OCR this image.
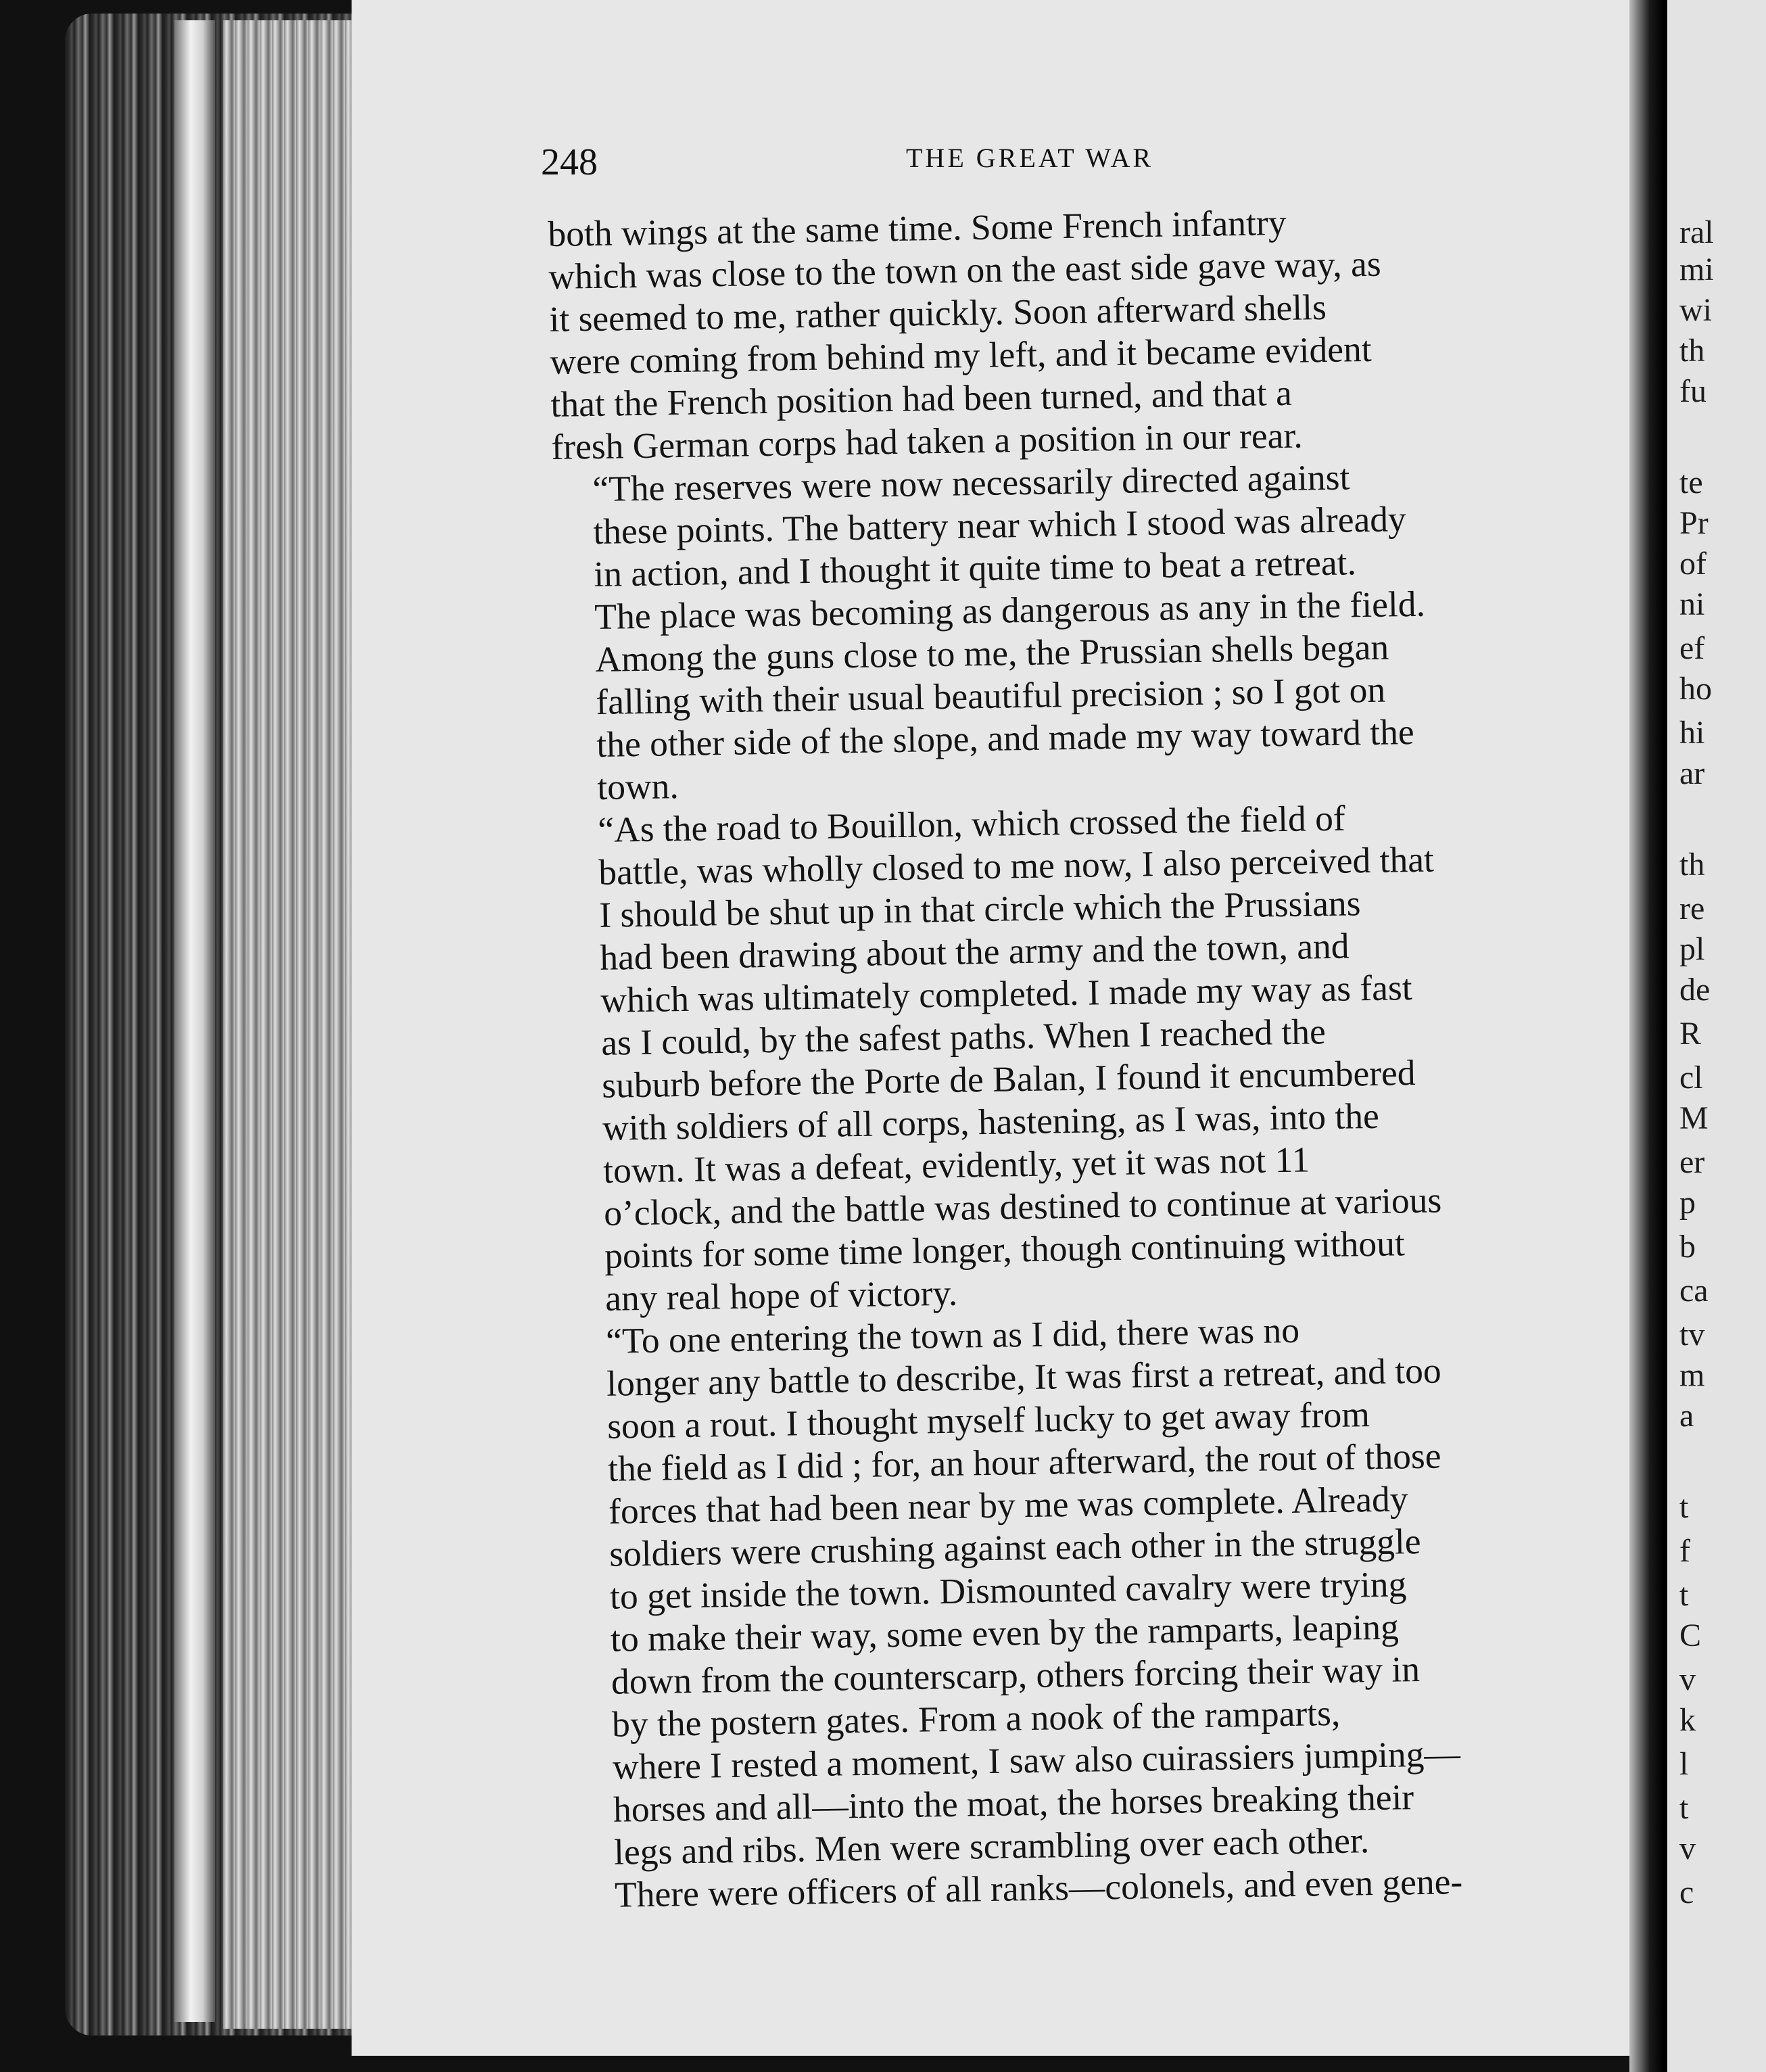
ral
mi
wi
th
fu
te
Pr
of
ni
ef
ho
hi
ar
th
re
pl
de
R
cl
M
er
p
b
ca
tv
m
a
t
f
t
C
v
k
l
t
v
c
248	THE GREAT WAR

both wings at the same time. Some French infantry
which was close to the town on the east side gave way, as
it seemed to me, rather quickly. Soon afterward shells
were coming from behind my left, and it became evident
that the French position had been turned, and that a
fresh German corps had taken a position in our rear.

“The reserves were now necessarily directed against
these points. The battery near which I stood was already
in action, and I thought it quite time to beat a retreat.
The place was becoming as dangerous as any in the field.
Among the guns close to me, the Prussian shells began
falling with their usual beautiful precision ; so I got on
the other side of the slope, and made my way toward the
town.

“As the road to Bouillon, which crossed the field of
battle, was wholly closed to me now, I also perceived that
I should be shut up in that circle which the Prussians
had been drawing about the army and the town, and
which was ultimately completed. I made my way as fast
as I could, by the safest paths. When I reached the
suburb before the Porte de Balan, I found it encumbered
with soldiers of all corps, hastening, as I was, into the
town. It was a defeat, evidently, yet it was not 11
o’clock, and the battle was destined to continue at various
points for some time longer, though continuing without
any real hope of victory.

“To one entering the town as I did, there was no
longer any battle to describe, It was first a retreat, and too
soon a rout. I thought myself lucky to get away from
the field as I did ; for, an hour afterward, the rout of those
forces that had been near by me was complete. Already
soldiers were crushing against each other in the struggle
to get inside the town. Dismounted cavalry were trying
to make their way, some even by the ramparts, leaping
down from the counterscarp, others forcing their way in
by the postern gates. From a nook of the ramparts,
where I rested a moment, I saw also cuirassiers jumping—
horses and all—into the moat, the horses breaking their
legs and ribs. Men were scrambling over each other.
There were officers of all ranks—colonels, and even gene-
